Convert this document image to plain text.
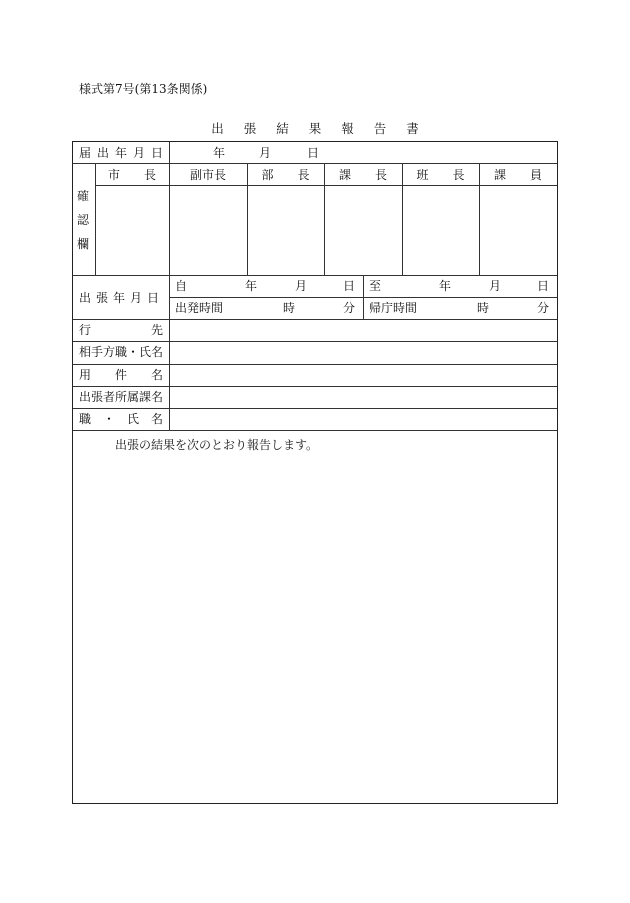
様式第7号(第13条関係)
出 張 結 果 報 告 書
届 出 年 月 日	年	月	日
確
認
欄
市　　長	副市長	部　　長	課　　長	班　　長	課　　員
出張年月日
自	年	月	日 至	年	月	日
出発時間	時	分 帰庁時間	時	分
行	先
相手方職・氏名
用 件 名
出張者所属課名
職 ・ 氏 名
出張の結果を次のとおり報告します。
